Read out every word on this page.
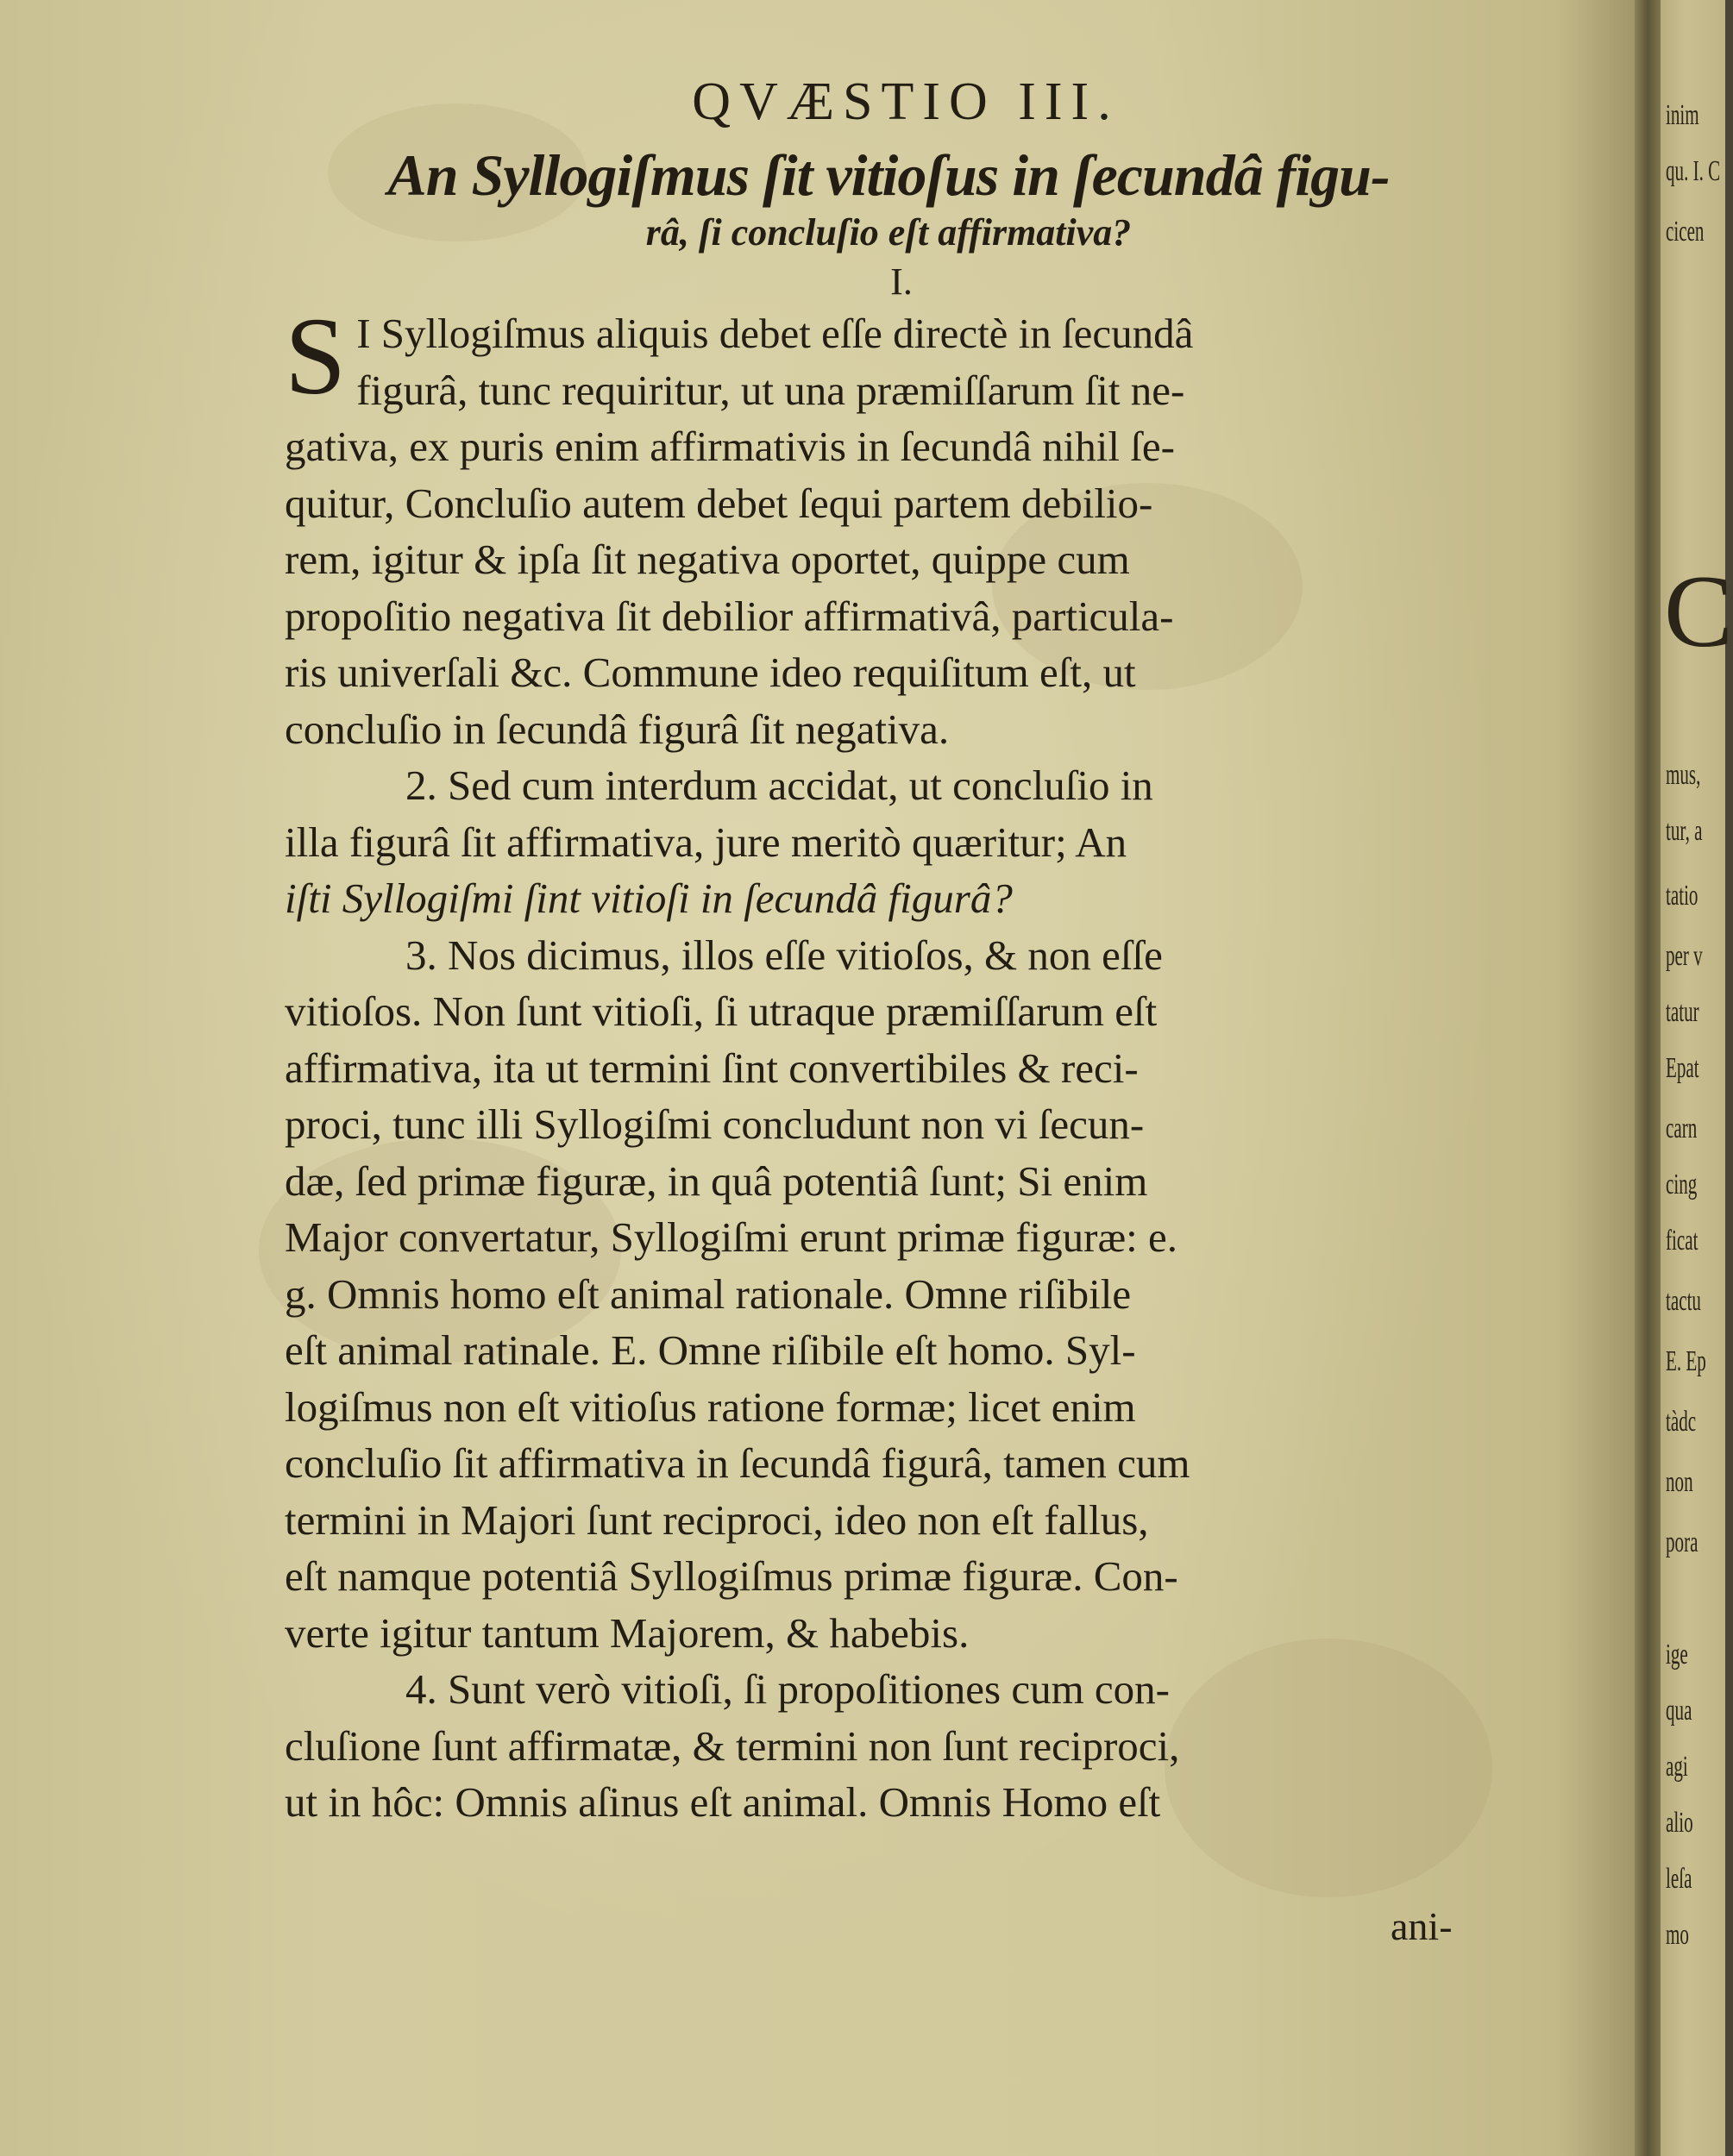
QVÆSTIO III.
An Syllogiſmus ſit vitioſus in ſecundâ figu-
râ, ſi concluſio eſt affirmativa?
I.
S I Syllogiſmus aliquis debet eſſe directè in ſecundâ
figurâ, tunc requiritur, ut una præmiſſarum ſit ne-
gativa, ex puris enim affirmativis in ſecundâ nihil ſe-
quitur, Concluſio autem debet ſequi partem debilio-
rem, igitur & ipſa ſit negativa oportet, quippe cum
propoſitio negativa ſit debilior affirmativâ, particula-
ris univerſali &c. Commune ideo requiſitum eſt, ut
concluſio in ſecundâ figurâ ſit negativa.
2. Sed cum interdum accidat, ut concluſio in
illa figurâ ſit affirmativa, jure meritò quæritur; An
iſti Syllogiſmi ſint vitioſi in ſecundâ figurâ?
3. Nos dicimus, illos eſſe vitioſos, & non eſſe
vitioſos. Non ſunt vitioſi, ſi utraque præmiſſarum eſt
affirmativa, ita ut termini ſint convertibiles & reci-
proci, tunc illi Syllogiſmi concludunt non vi ſecun-
dæ, ſed primæ figuræ, in quâ potentiâ ſunt; Si enim
Major convertatur, Syllogiſmi erunt primæ figuræ: e.
g. Omnis homo eſt animal rationale. Omne riſibile
eſt animal ratinale. E. Omne riſibile eſt homo. Syl-
logiſmus non eſt vitioſus ratione formæ; licet enim
concluſio ſit affirmativa in ſecundâ figurâ, tamen cum
termini in Majori ſunt reciproci, ideo non eſt fallus,
eſt namque potentiâ Syllogiſmus primæ figuræ. Con-
verte igitur tantum Majorem, & habebis.
4. Sunt verò vitioſi, ſi propoſitiones cum con-
cluſione ſunt affirmatæ, & termini non ſunt reciproci,
ut in hôc: Omnis aſinus eſt animal. Omnis Homo eſt
ani-
inim
qu. I. C
cicen
C
mus,
tur, a
tatio
per v
tatur
Epat
carn
cing
ficat
tactu
E. Ep
tàdc
non
pora
ige
qua
agi
alio
leſa
mo
